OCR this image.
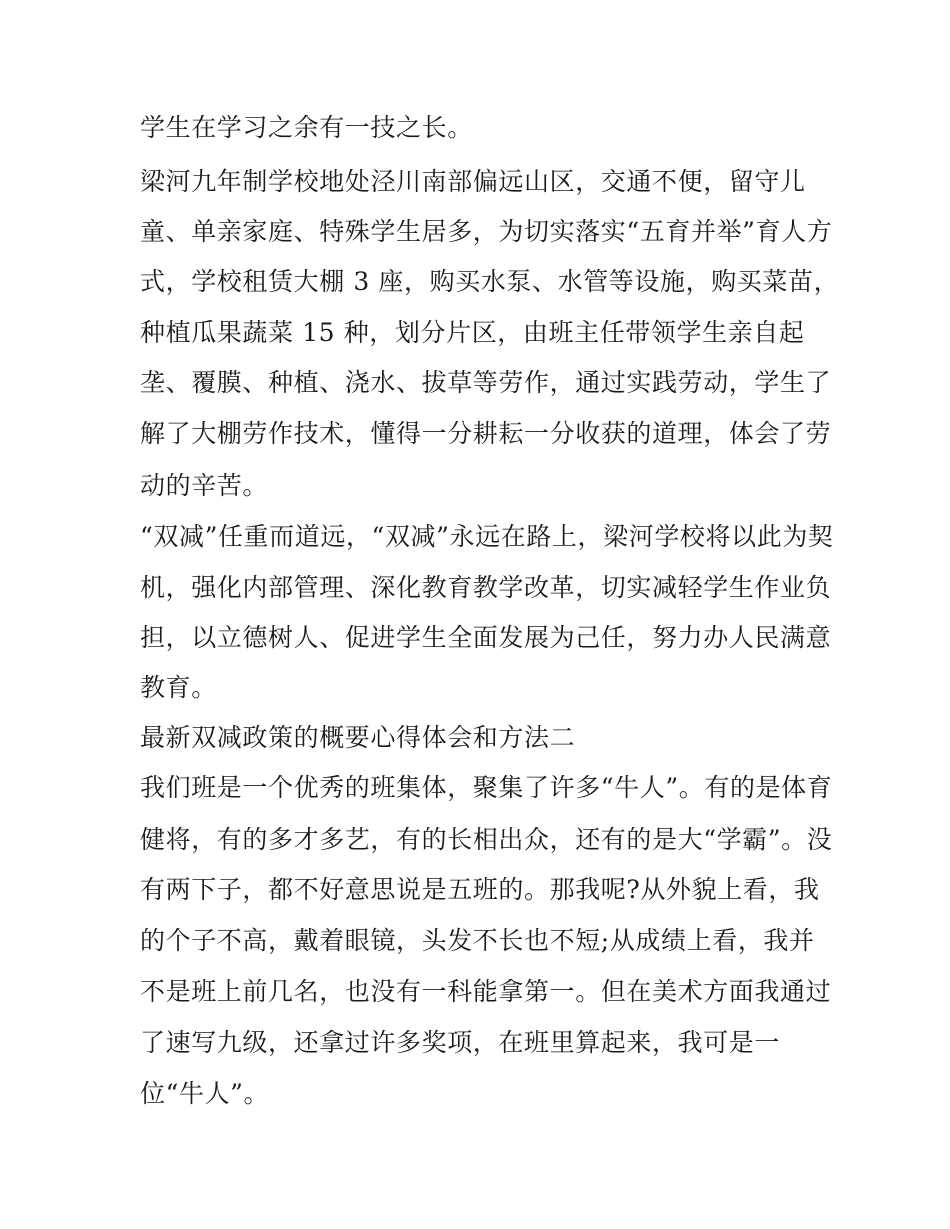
学生在学习之余有一技之长。
梁河九年制学校地处泾川南部偏远山区，交通不便，留守儿
童、单亲家庭、特殊学生居多，为切实落实“五育并举”育人方
式，学校租赁大棚 3 座，购买水泵、水管等设施，购买菜苗，
种植瓜果蔬菜 15 种，划分片区，由班主任带领学生亲自起
垄、覆膜、种植、浇水、拔草等劳作，通过实践劳动，学生了
解了大棚劳作技术，懂得一分耕耘一分收获的道理，体会了劳
动的辛苦。
“双减”任重而道远，“双减”永远在路上，梁河学校将以此为契
机，强化内部管理、深化教育教学改革，切实减轻学生作业负
担，以立德树人、促进学生全面发展为己任，努力办人民满意
教育。
最新双减政策的概要心得体会和方法二
我们班是一个优秀的班集体，聚集了许多“牛人”。有的是体育
健将，有的多才多艺，有的长相出众，还有的是大“学霸”。没
有两下子，都不好意思说是五班的。那我呢?从外貌上看，我
的个子不高，戴着眼镜，头发不长也不短;从成绩上看，我并
不是班上前几名，也没有一科能拿第一。但在美术方面我通过
了速写九级，还拿过许多奖项，在班里算起来，我可是一
位“牛人”。
